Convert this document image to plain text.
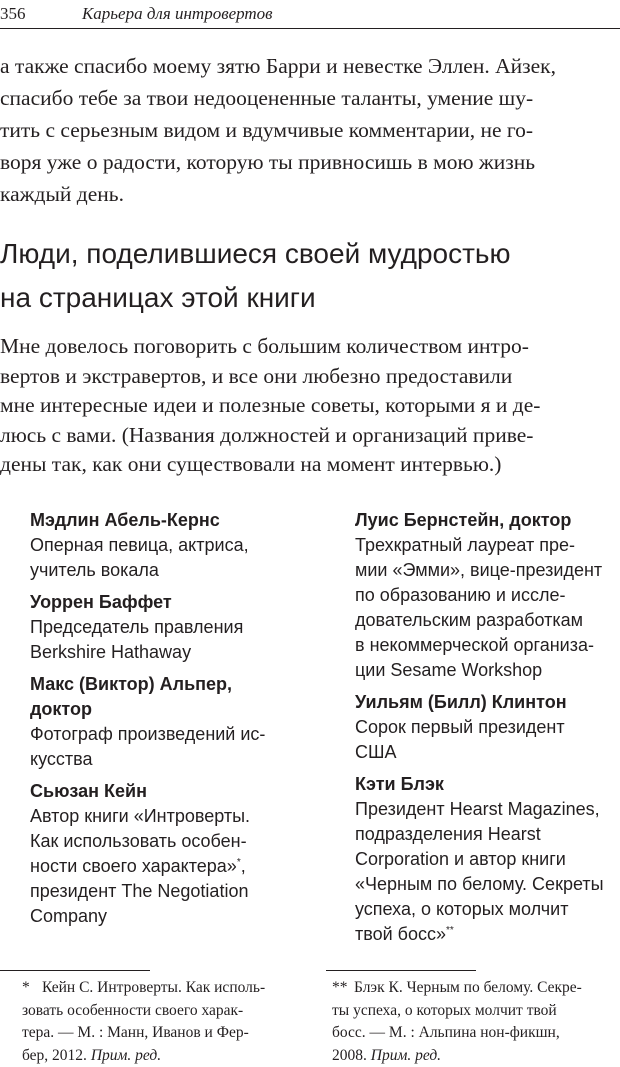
356	Карьера для интровертов
а также спасибо моему зятю Барри и невестке Эллен. Айзек,
спасибо тебе за твои недооцененные таланты, умение шу-
тить с серьезным видом и вдумчивые комментарии, не го-
воря уже о радости, которую ты привносишь в мою жизнь
каждый день.
Люди, поделившиеся своей мудростью
на страницах этой книги
Мне довелось поговорить с большим количеством интро-
вертов и экстравертов, и все они любезно предоставили
мне интересные идеи и полезные советы, которыми я и де-
люсь с вами. (Названия должностей и организаций приве-
дены так, как они существовали на момент интервью.)
Мэдлин Абель-Кернс
Оперная певица, актриса,
учитель вокала
Уоррен Баффет
Председатель правления
Berkshire Hathaway
Макс (Виктор) Альпер,
доктор
Фотограф произведений ис-
кусства
Сьюзан Кейн
Автор книги «Интроверты.
Как использовать особен-
ности своего характера»*,
президент The Negotiation
Company
Луис Бернстейн, доктор
Трехкратный лауреат пре-
мии «Эмми», вице-президент
по образованию и иссле-
довательским разработкам
в некоммерческой организа-
ции Sesame Workshop
Уильям (Билл) Клинтон
Сорок первый президент
США
Кэти Блэк
Президент Hearst Magazines,
подразделения Hearst
Corporation и автор книги
«Черным по белому. Секреты
успеха, о которых молчит
твой босс»**
* Кейн С. Интроверты. Как исполь-
зовать особенности своего харак-
тера. — М. : Манн, Иванов и Фер-
бер, 2012. Прим. ред.
** Блэк К. Черным по белому. Секре-
ты успеха, о которых молчит твой
босс. — М. : Альпина нон-фикшн,
2008. Прим. ред.
